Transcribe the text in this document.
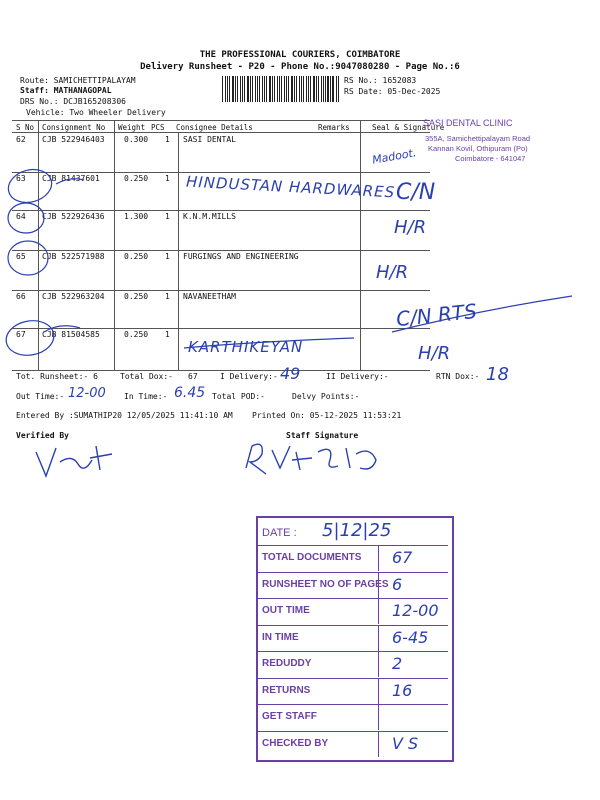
THE PROFESSIONAL COURIERS, COIMBATORE
Delivery Runsheet - P20 - Phone No.:9047080280 - Page No.:6
Route: SAMICHETTIPALAYAM
Staff: MATHANAGOPAL
DRS No.: DCJB165208306
Vehicle: Two Wheeler Delivery
RS No.: 1652083
RS Date: 05-Dec-2025
S No Consignment No Weight PCS Consignee Details	Remarks	Seal & Signature
62 CJB 522946403 0.300 1 SASI DENTAL
63 CJB 81437601	0.250 1
64 CJB 522926436 1.300 1 K.N.M.MILLS
65 CJB 522571988 0.250 1 FURGINGS AND ENGINEERING
66 CJB 522963204 0.250 1 NAVANEETHAM
67 CJB 81504585	0.250 1
SASI DENTAL CLINIC
355A, Samichettipalayam Road
Kannan Kovil, Othipuram (Po)
Coimbatore - 641047
Madoot.
HINDUSTAN HARDWARES
KARTHIKEYAN
C/N
H/R
H/R
C/N RTS
H/R
Tot. Runsheet:- 6	Total Dox:- 67	I Delivery:- 49	II Delivery:-	RTN Dox:- 18
Out Time:- 12-00 In Time:- 6.45 Total POD:-	Delvy Points:-
Entered By :SUMATHIP20 12/05/2025 11:41:10 AM Printed On: 05-12-2025 11:53:21
Verified By	Staff Signature
DATE : 5|12|25
TOTAL DOCUMENTS 67
RUNSHEET NO OF PAGES 6
OUT TIME	12-00
IN TIME	6-45
REDUDDY	2
RETURNS	16
GET STAFF
CHECKED BY	V S
